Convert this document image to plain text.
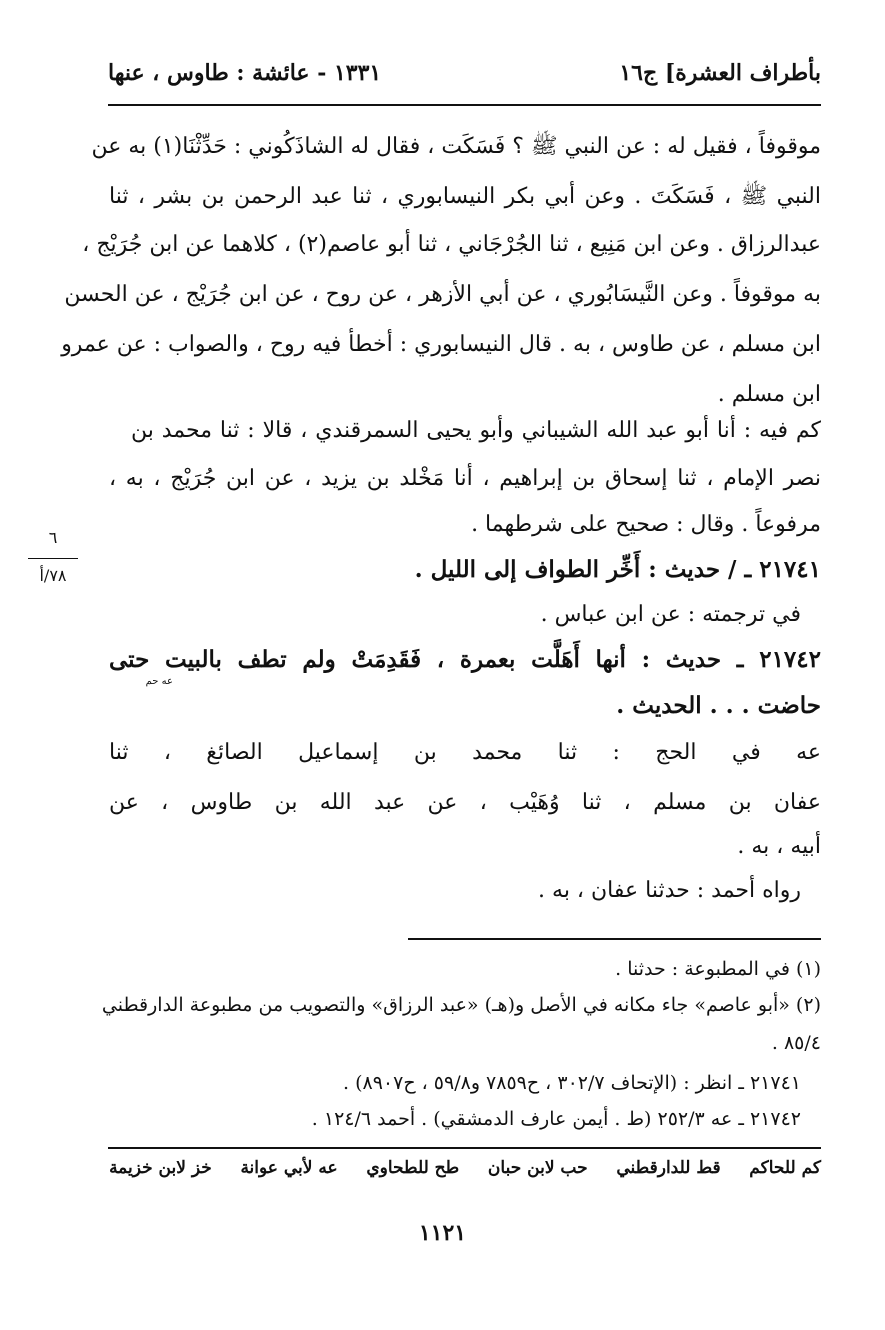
بأطراف العشرة] ج١٦
١٣٣١ - عائشة : طاوس ، عنها
موقوفاً ، فقيل له : عن النبي ﷺ ؟ فَسَكَت ، فقال له الشاذَكُوني : حَدِّثْنَا(١) به عن
النبي ﷺ ، فَسَكَتَ . وعن أبي بكر النيسابوري ، ثنا عبد الرحمن بن بشر ، ثنا
عبدالرزاق . وعن ابن مَنِيع ، ثنا الجُرْجَاني ، ثنا أبو عاصم(٢) ، كلاهما عن ابن جُرَيْج ،
به موقوفاً . وعن النَّيسَابُوري ، عن أبي الأزهر ، عن روح ، عن ابن جُرَيْج ، عن الحسن
ابن مسلم ، عن طاوس ، به . قال النيسابوري : أخطأ فيه روح ، والصواب : عن عمرو
ابن مسلم .
كم فيه : أنا أبو عبد الله الشيباني وأبو يحيى السمرقندي ، قالا : ثنا محمد بن
نصر الإمام ، ثنا إسحاق بن إبراهيم ، أنا مَخْلد بن يزيد ، عن ابن جُرَيْج ، به ،
مرفوعاً . وقال : صحيح على شرطهما .
٦
٧٨/أ	٢١٧٤١ ـ / حديث : أَخِّر الطواف إلى الليل .
في ترجمته : عن ابن عباس .
٢١٧٤٢ ـ حديث : أنها أَهَلَّت بعمرة ، فَقَدِمَتْ ولم تطف بالبيت حتى
عه حم
حاضت . . . الحديث .
عه في الحج : ثنا محمد بن إسماعيل الصائغ ، ثنا
عفان بن مسلم ، ثنا وُهَيْب ، عن عبد الله بن طاوس ، عن
أبيه ، به .
رواه أحمد : حدثنا عفان ، به .
(١) في المطبوعة : حدثنا .
(٢) «أبو عاصم» جاء مكانه في الأصل و(هـ) «عبد الرزاق» والتصويب من مطبوعة الدارقطني
٨٥/٤ .
٢١٧٤١ ـ انظر : (الإتحاف ٣٠٢/٧ ، ح٧٨٥٩ و٥٩/٨ ، ح٨٩٠٧) .
٢١٧٤٢ ـ عه ٢٥٢/٣ (ط . أيمن عارف الدمشقي) . أحمد ١٢٤/٦ .
خز لابن خزيمة عه لأبي عوانة طح للطحاوي حب لابن حبان قط للدارقطني كم للحاكم
١١٢١
